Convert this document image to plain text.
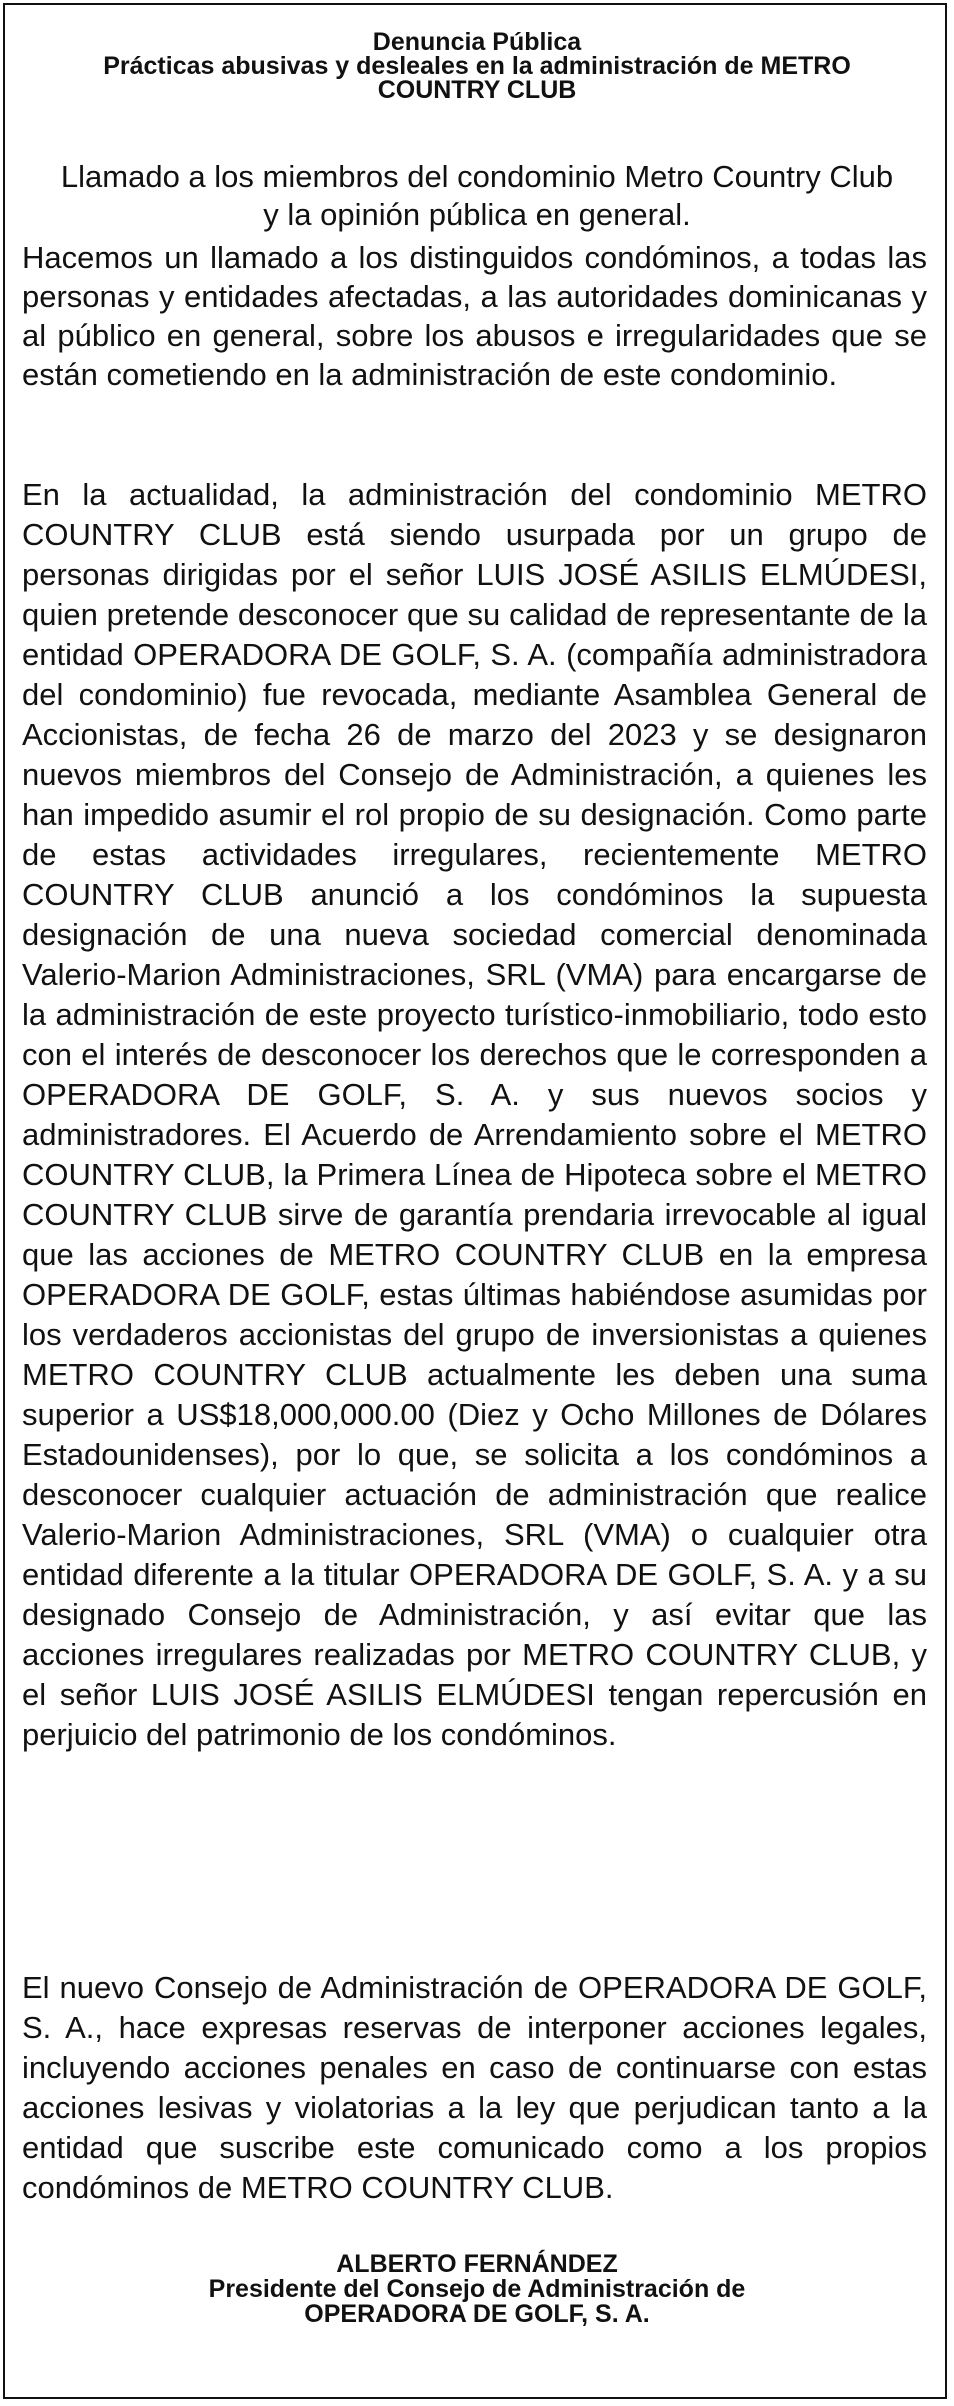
Denuncia Pública
Prácticas abusivas y desleales en la administración de METRO
COUNTRY CLUB
Llamado a los miembros del condominio Metro Country Club
y la opinión pública en general.

Hacemos un llamado a los distinguidos condóminos, a todas las personas y entidades afectadas, a las autoridades dominicanas y al público en general, sobre los abusos e irregularidades que se están cometiendo en la administración de este condominio.

En la actualidad, la administración del condominio METRO COUNTRY CLUB está siendo usurpada por un grupo de personas dirigidas por el señor LUIS JOSÉ ASILIS ELMÚDESI, quien pretende desconocer que su calidad de representante de la entidad OPERADORA DE GOLF, S. A. (compañía administradora del condominio) fue revocada, mediante Asamblea General de Accionistas, de fecha 26 de marzo del 2023 y se designaron nuevos miembros del Consejo de Administración, a quienes les han impedido asumir el rol propio de su designación. Como parte de estas actividades irregulares, recientemente METRO COUNTRY CLUB anunció a los condóminos la supuesta designación de una nueva sociedad comercial denominada Valerio-Marion Administraciones, SRL (VMA) para encargarse de la administración de este proyecto turístico-inmobiliario, todo esto con el interés de desconocer los derechos que le corresponden a OPERADORA DE GOLF, S. A. y sus nuevos socios y administradores. El Acuerdo de Arrendamiento sobre el METRO COUNTRY CLUB, la Primera Línea de Hipoteca sobre el METRO COUNTRY CLUB sirve de garantía prendaria irrevocable al igual que las acciones de METRO COUNTRY CLUB en la empresa OPERADORA DE GOLF, estas últimas habiéndose asumidas por los verdaderos accionistas del grupo de inversionistas a quienes METRO COUNTRY CLUB actualmente les deben una suma superior a US$18,000,000.00 (Diez y Ocho Millones de Dólares Estadounidenses), por lo que, se solicita a los condóminos a desconocer cualquier actuación de administración que realice Valerio-Marion Administraciones, SRL (VMA) o cualquier otra entidad diferente a la titular OPERADORA DE GOLF, S. A. y a su designado Consejo de Administración, y así evitar que las acciones irregulares realizadas por METRO COUNTRY CLUB, y el señor LUIS JOSÉ ASILIS ELMÚDESI tengan repercusión en perjuicio del patrimonio de los condóminos.

El nuevo Consejo de Administración de OPERADORA DE GOLF, S. A., hace expresas reservas de interponer acciones legales, incluyendo acciones penales en caso de continuarse con estas acciones lesivas y violatorias a la ley que perjudican tanto a la entidad que suscribe este comunicado como a los propios condóminos de METRO COUNTRY CLUB.

ALBERTO FERNÁNDEZ
Presidente del Consejo de Administración de
OPERADORA DE GOLF, S. A.
